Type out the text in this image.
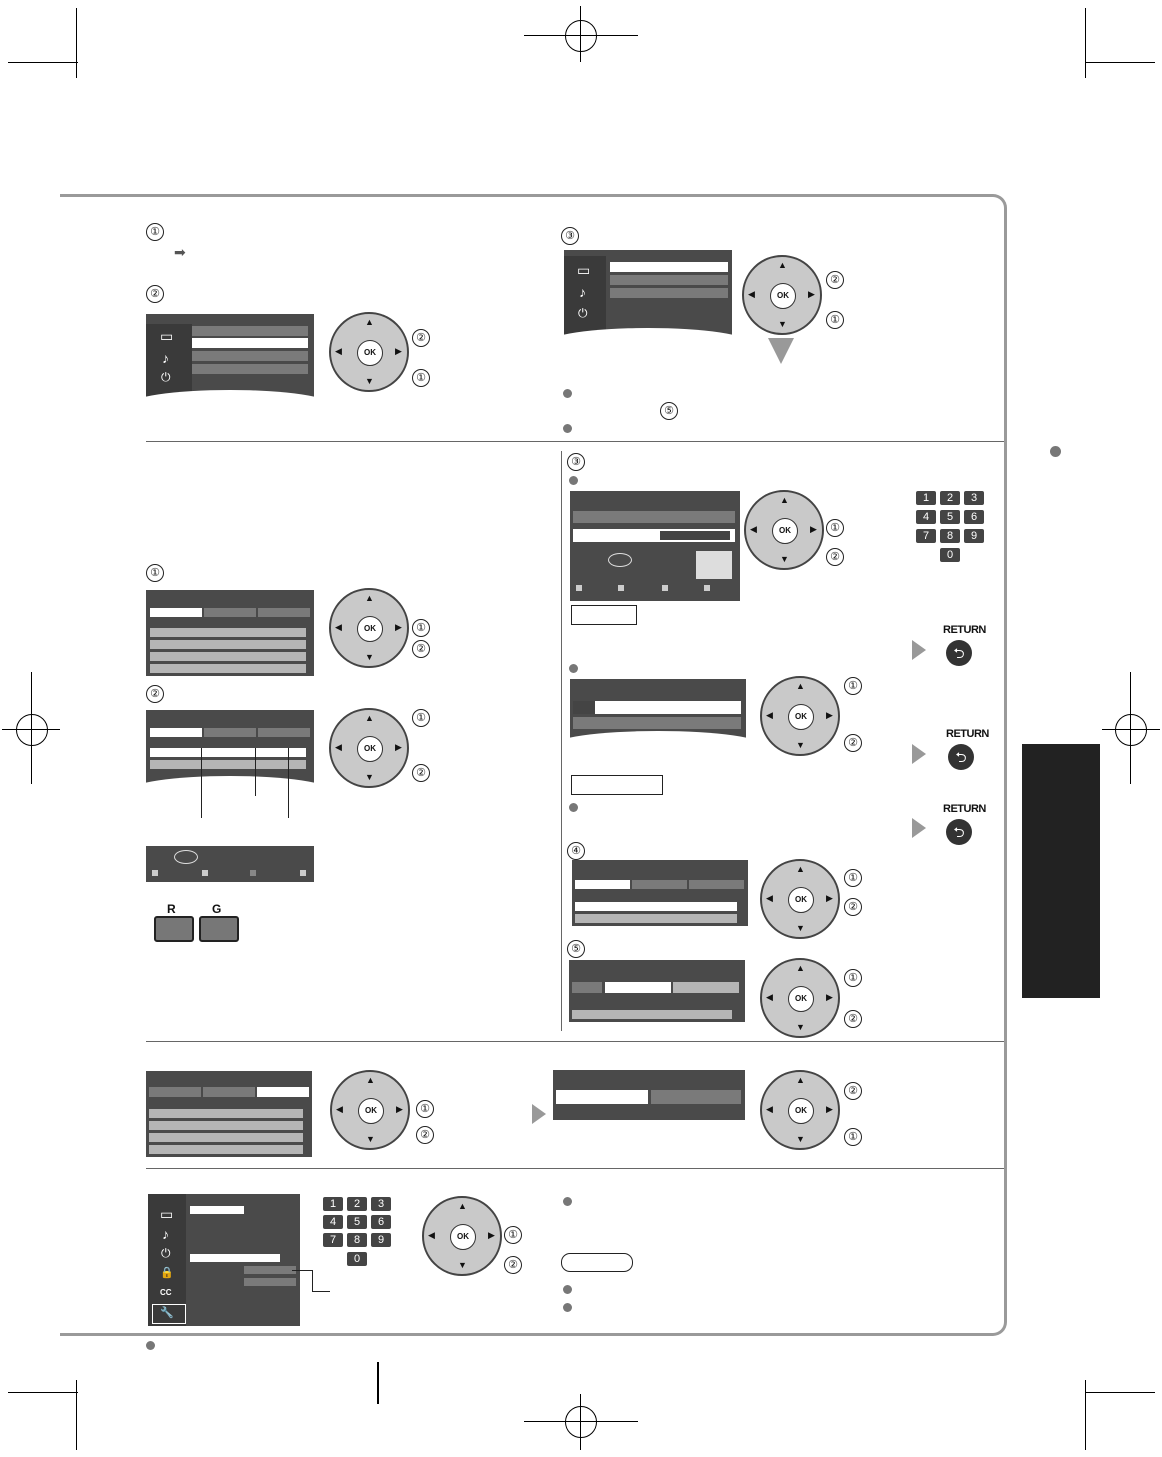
①
➡
②
▭
♪
⏻
OK
▲
▼
◀	▶
②
①
③
▭
♪
⏻
OK
▲
▼
◀	▶
②
①
⑤
①
OK
▲
▼
◀	▶	①
②
②
OK
▲
▼
◀	▶
①
②
R	G
③
OK
▲
▼
◀	▶	①
②
1	2	3
4	5	6
7	8	9
0
RETURN
⮌
OK
▲
▼
◀	▶
①
②
RETURN
⮌
RETURN
⮌
④
OK
▲
▼
◀	▶
①
②
⑤
OK
▲
▼
◀	▶
①
②
OK
▲
▼
◀	▶	①
②
OK
▲
▼
◀	▶
②
①
▭
♪
⏻
🔒
CC
🔧
1	2	3
4	5	6
7	8	9
0
OK
▲
▼
◀	▶	①
②
